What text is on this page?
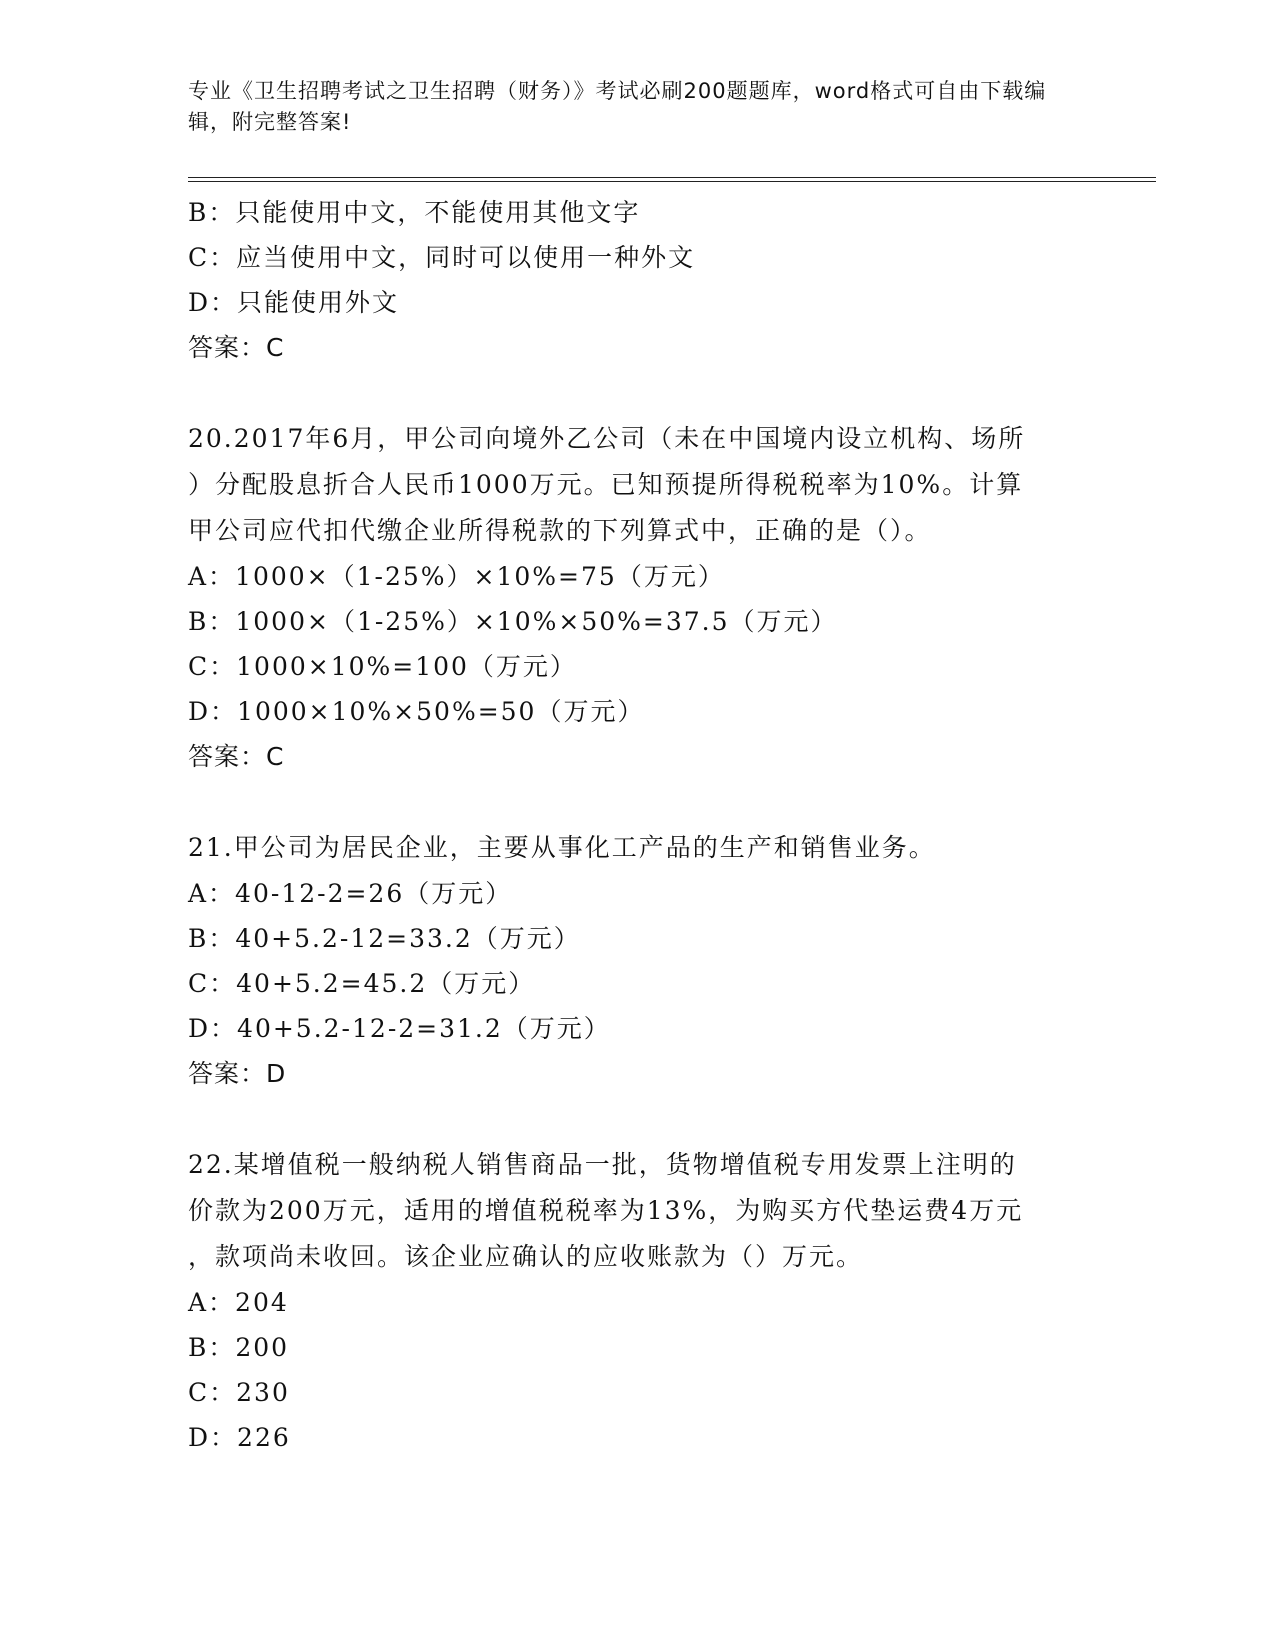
专业《卫生招聘考试之卫生招聘（财务）》考试必刷200题题库，word格式可自由下载编辑，附完整答案!
B：只能使用中文，不能使用其他文字
C：应当使用中文，同时可以使用一种外文
D：只能使用外文
答案：C
20.2017年6月，甲公司向境外乙公司（未在中国境内设立机构、场所
）分配股息折合人民币1000万元。已知预提所得税税率为10%。计算
甲公司应代扣代缴企业所得税款的下列算式中，正确的是（）。
A：1000×（1-25%）×10%=75（万元）
B：1000×（1-25%）×10%×50%=37.5（万元）
C：1000×10%=100（万元）
D：1000×10%×50%=50（万元）
答案：C
21.甲公司为居民企业，主要从事化工产品的生产和销售业务。
A：40-12-2=26（万元）
B：40+5.2-12=33.2（万元）
C：40+5.2=45.2（万元）
D：40+5.2-12-2=31.2（万元）
答案：D
22.某增值税一般纳税人销售商品一批，货物增值税专用发票上注明的
价款为200万元，适用的增值税税率为13%，为购买方代垫运费4万元
，款项尚未收回。该企业应确认的应收账款为（）万元。
A：204
B：200
C：230
D：226
